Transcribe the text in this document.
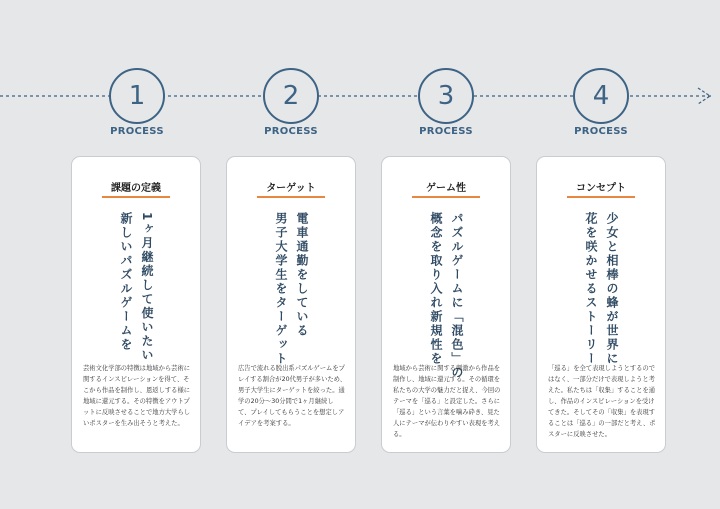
1
PROCESS
課題の定義
1ヶ月継続して使いたい
新しいパズルゲームを
芸術文化学部の特徴は地域から芸術に関するインスピレーションを得て、そこから作品を制作し、恩返しする様に地域に還元する。その特徴をアウトプットに反映させることで地方大学らしいポスターを生み出そうと考えた。
2
PROCESS
ターゲット
電車通勤をしている
男子大学生をターゲット
広告で流れる脱出系パズルゲームをプレイする割合が20代男子が多いため、男子大学生にターゲットを絞った。通学の20分〜30分間で1ヶ月継続して、プレイしてもらうことを想定しアイデアを考案する。
3
PROCESS
ゲーム性
パズルゲームに「混色」の
概念を取り入れ新規性を
地域から芸術に関する刺激から作品を制作し、地域に還元する。その循環を私たちの大学の魅力だと捉え、今回のテーマを「巡る」と設定した。さらに「巡る」という言葉を噛み砕き、見た人にテーマが伝わりやすい表現を考える。
4
PROCESS
コンセプト
少女と相棒の蜂が世界に
花を咲かせるストーリー
「巡る」を全て表現しようとするのではなく、一部分だけで表現しようと考えた。私たちは「収集」することを通し、作品のインスピレーションを受けてきた。そしてその「収集」を表現することは「巡る」の一部だと考え、ポスターに反映させた。
